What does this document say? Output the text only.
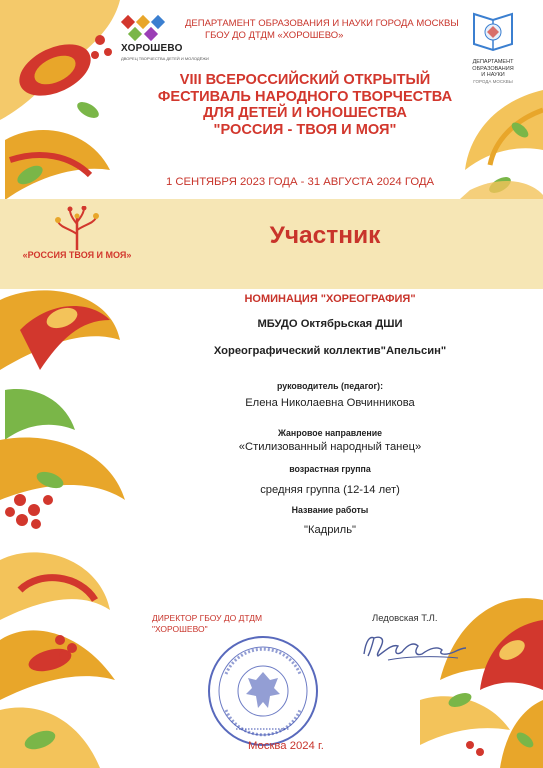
ХОРОШЕВО
ДВОРЕЦ ТВОРЧЕСТВА ДЕТЕЙ И МОЛОДЁЖИ
ДЕПАРТАМЕНТ ОБРАЗОВАНИЯ И НАУКИ ГОРОДА МОСКВЫ
ГБОУ ДО ДТДМ «ХОРОШЕВО»
ДЕПАРТАМЕНТ
ОБРАЗОВАНИЯ
И НАУКИ
ГОРОДА МОСКВЫ
VIII ВСЕРОССИЙСКИЙ ОТКРЫТЫЙ
ФЕСТИВАЛЬ НАРОДНОГО ТВОРЧЕСТВА
ДЛЯ ДЕТЕЙ И ЮНОШЕСТВА
"РОССИЯ - ТВОЯ И МОЯ"
1 СЕНТЯБРЯ 2023 ГОДА - 31 АВГУСТА 2024 ГОДА
«РОССИЯ ТВОЯ И МОЯ»
Участник
НОМИНАЦИЯ "ХОРЕОГРАФИЯ"
МБУДО Октябрьская ДШИ
Хореографический коллектив"Апельсин"
руководитель (педагог):
Елена Николаевна Овчинникова
Жанровое направление
«Стилизованный народный танец»
возрастная группа
средняя группа (12-14 лет)
Название работы
"Кадриль"
ДИРЕКТОР ГБОУ ДО ДТДМ
"ХОРОШЕВО"
Ледовская Т.Л.
Москва 2024 г.
